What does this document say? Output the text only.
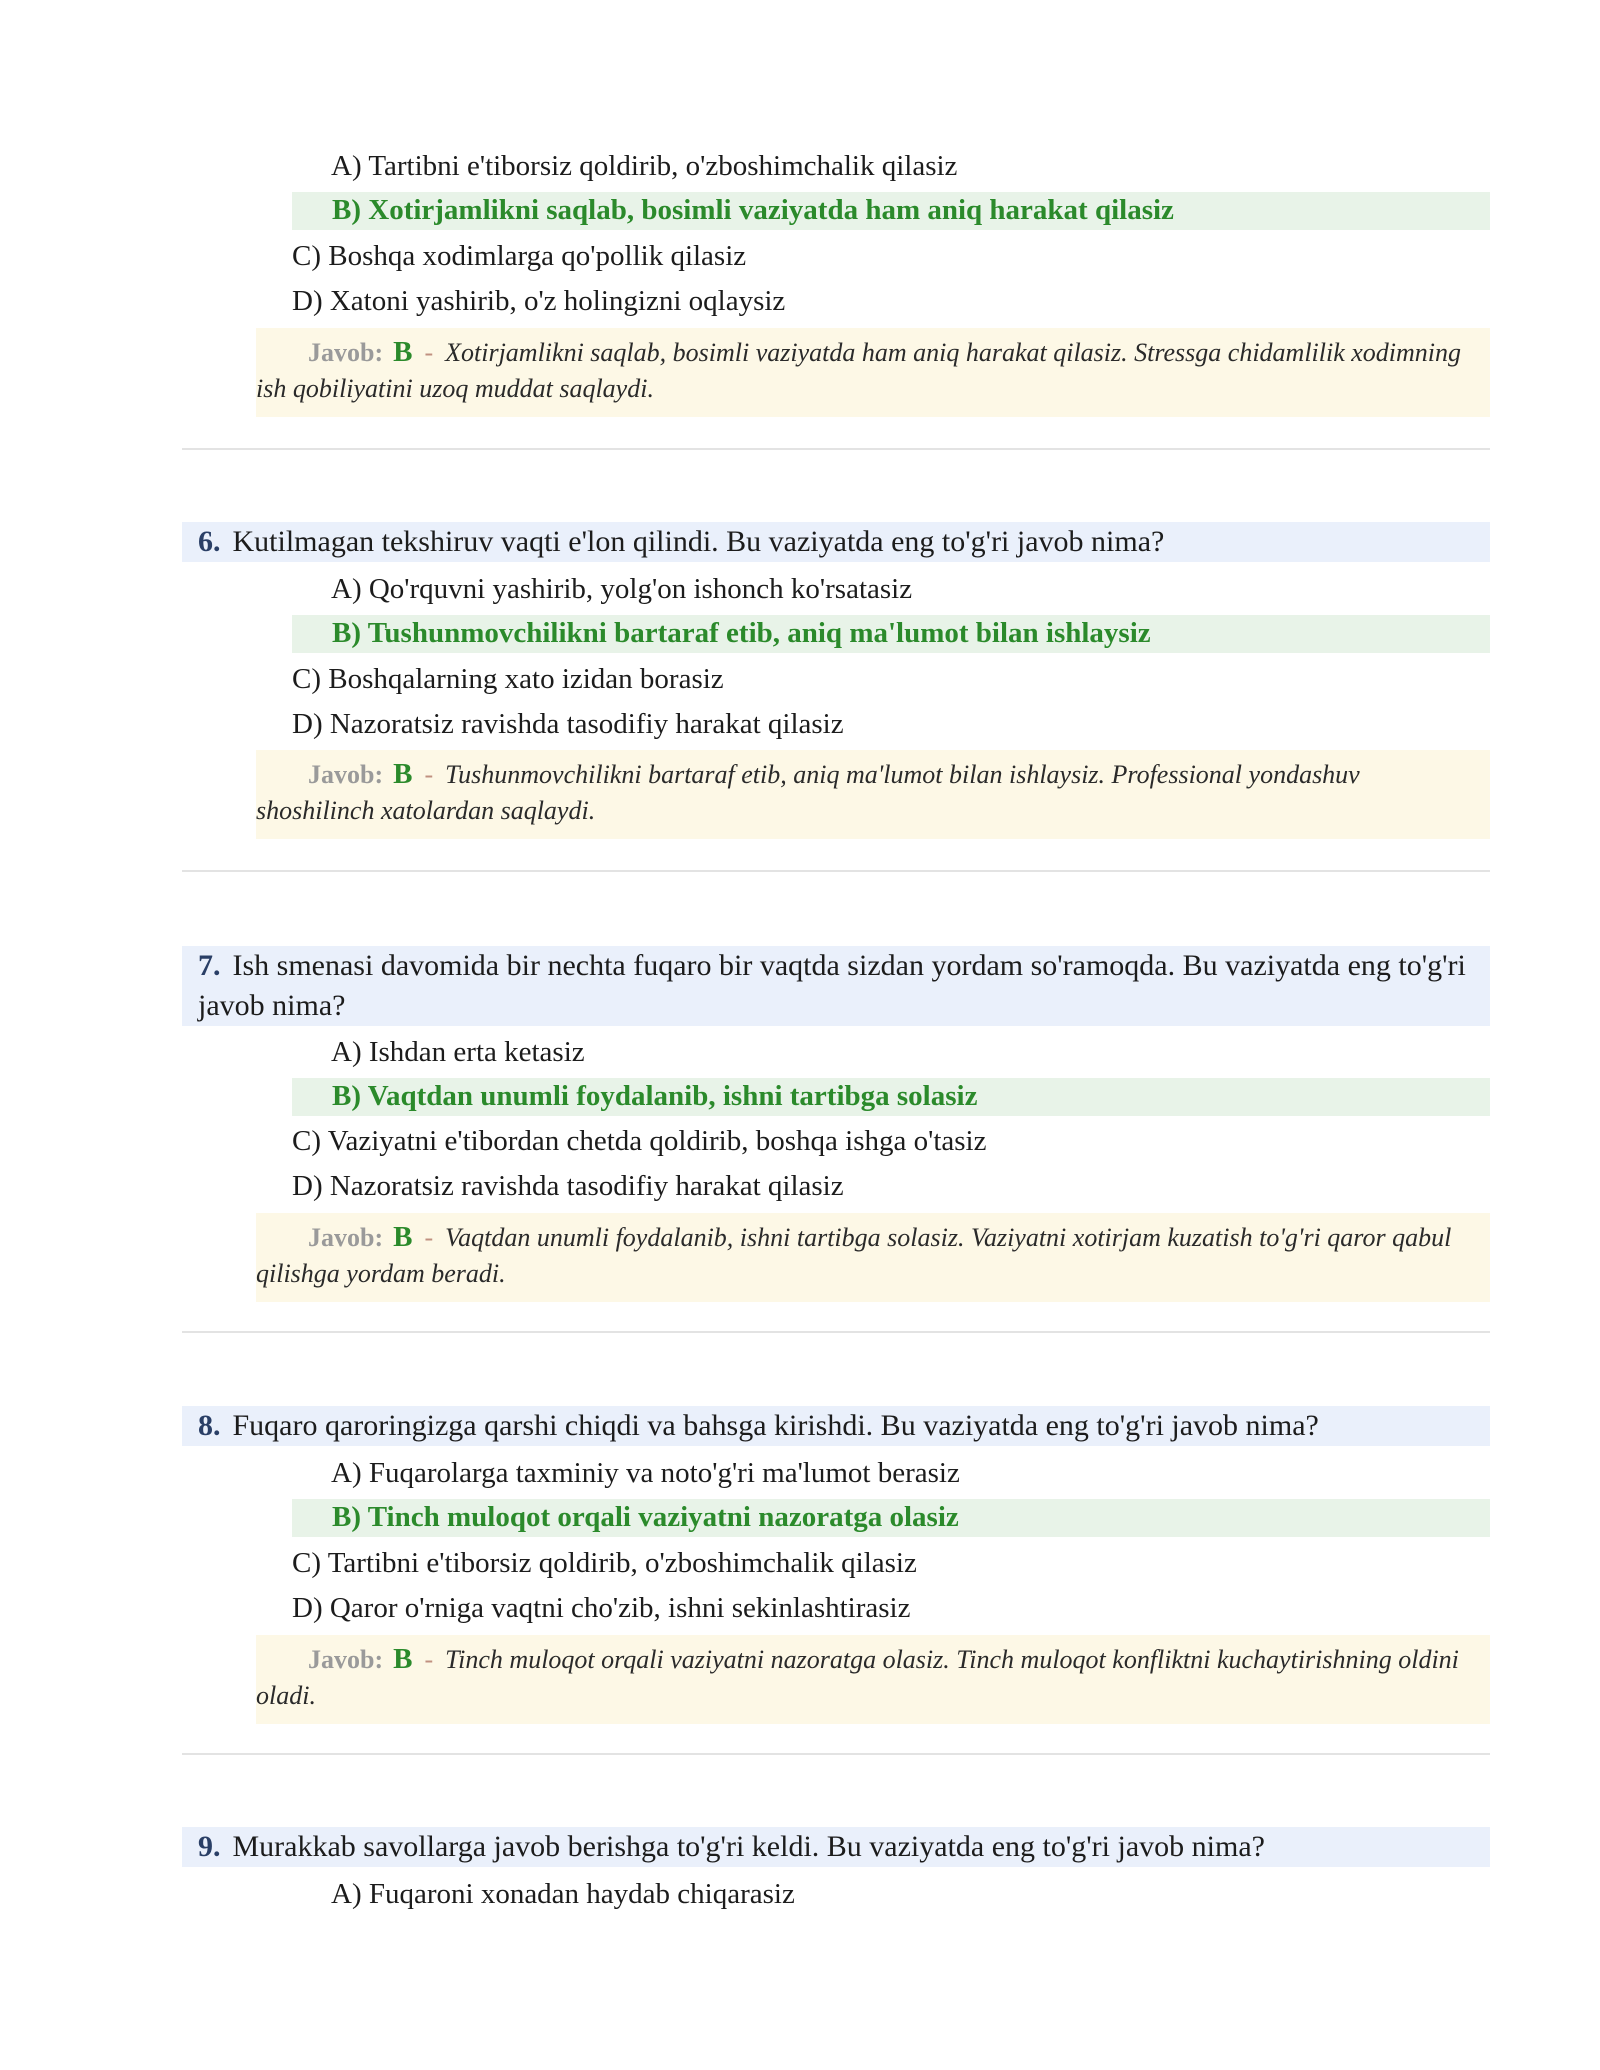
A) Tartibni e'tiborsiz qoldirib, o'zboshimchalik qilasiz
B) Xotirjamlikni saqlab, bosimli vaziyatda ham aniq harakat qilasiz
C) Boshqa xodimlarga qo'pollik qilasiz
D) Xatoni yashirib, o'z holingizni oqlaysiz
Javob: B - Xotirjamlikni saqlab, bosimli vaziyatda ham aniq harakat qilasiz. Stressga chidamlilik xodimning ish qobiliyatini uzoq muddat saqlaydi.
6. Kutilmagan tekshiruv vaqti e'lon qilindi. Bu vaziyatda eng to'g'ri javob nima?
A) Qo'rquvni yashirib, yolg'on ishonch ko'rsatasiz
B) Tushunmovchilikni bartaraf etib, aniq ma'lumot bilan ishlaysiz
C) Boshqalarning xato izidan borasiz
D) Nazoratsiz ravishda tasodifiy harakat qilasiz
Javob: B - Tushunmovchilikni bartaraf etib, aniq ma'lumot bilan ishlaysiz. Professional yondashuv shoshilinch xatolardan saqlaydi.
7. Ish smenasi davomida bir nechta fuqaro bir vaqtda sizdan yordam so'ramoqda. Bu vaziyatda eng to'g'ri javob nima?
A) Ishdan erta ketasiz
B) Vaqtdan unumli foydalanib, ishni tartibga solasiz
C) Vaziyatni e'tibordan chetda qoldirib, boshqa ishga o'tasiz
D) Nazoratsiz ravishda tasodifiy harakat qilasiz
Javob: B - Vaqtdan unumli foydalanib, ishni tartibga solasiz. Vaziyatni xotirjam kuzatish to'g'ri qaror qabul qilishga yordam beradi.
8. Fuqaro qaroringizga qarshi chiqdi va bahsga kirishdi. Bu vaziyatda eng to'g'ri javob nima?
A) Fuqarolarga taxminiy va noto'g'ri ma'lumot berasiz
B) Tinch muloqot orqali vaziyatni nazoratga olasiz
C) Tartibni e'tiborsiz qoldirib, o'zboshimchalik qilasiz
D) Qaror o'rniga vaqtni cho'zib, ishni sekinlashtirasiz
Javob: B - Tinch muloqot orqali vaziyatni nazoratga olasiz. Tinch muloqot konfliktni kuchaytirishning oldini oladi.
9. Murakkab savollarga javob berishga to'g'ri keldi. Bu vaziyatda eng to'g'ri javob nima?
A) Fuqaroni xonadan haydab chiqarasiz
